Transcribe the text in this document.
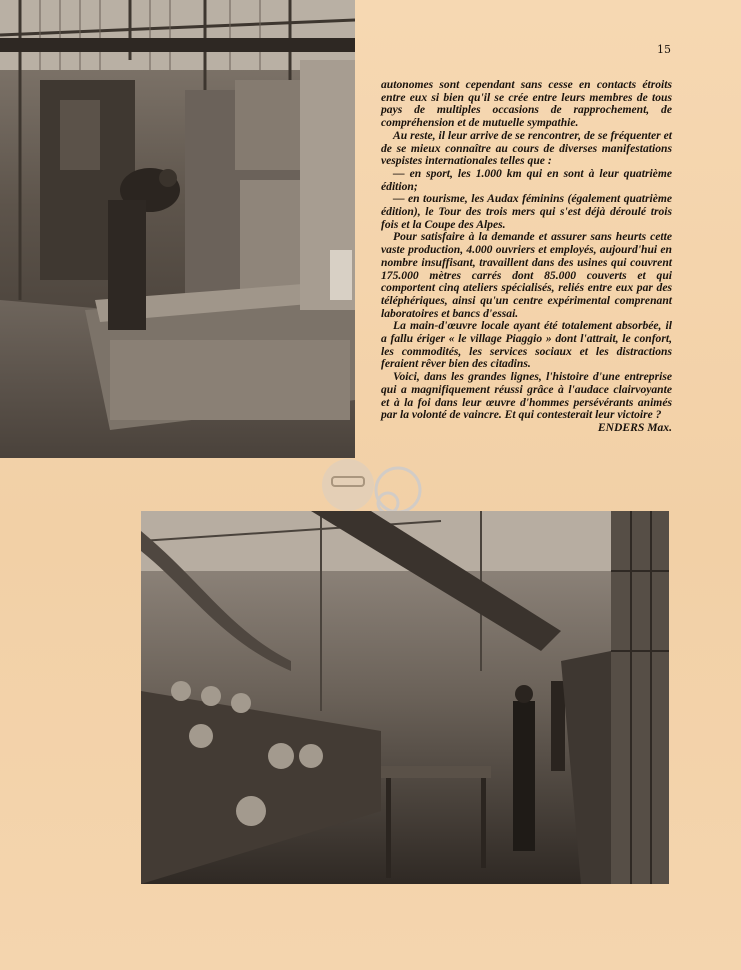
15

autonomes sont cependant sans cesse en contacts étroits entre eux si bien qu'il se crée entre leurs membres de tous pays de multiples occasions de rapprochement, de compréhension et de mutuelle sympathie.

Au reste, il leur arrive de se rencontrer, de se fréquenter et de se mieux connaître au cours de diverses manifestations vespistes internationales telles que :

— en sport, les 1.000 km qui en sont à leur quatrième édition;

— en tourisme, les Audax féminins (également quatrième édition), le Tour des trois mers qui s'est déjà déroulé trois fois et la Coupe des Alpes.

Pour satisfaire à la demande et assurer sans heurts cette vaste production, 4.000 ouvriers et employés, aujourd'hui en nombre insuffisant, travaillent dans des usines qui couvrent 175.000 mètres carrés dont 85.000 couverts et qui comportent cinq ateliers spécialisés, reliés entre eux par des téléphériques, ainsi qu'un centre expérimental comprenant laboratoires et bancs d'essai.

La main-d'œuvre locale ayant été totalement absorbée, il a fallu ériger « le village Piaggio » dont l'attrait, le confort, les commodités, les services sociaux et les distractions feraient rêver bien des citadins.

Voici, dans les grandes lignes, l'histoire d'une entreprise qui a magnifiquement réussi grâce à l'audace clairvoyante et à la foi dans leur œuvre d'hommes persévérants animés par la volonté de vaincre. Et qui contesterait leur victoire ?

ENDERS Max.
